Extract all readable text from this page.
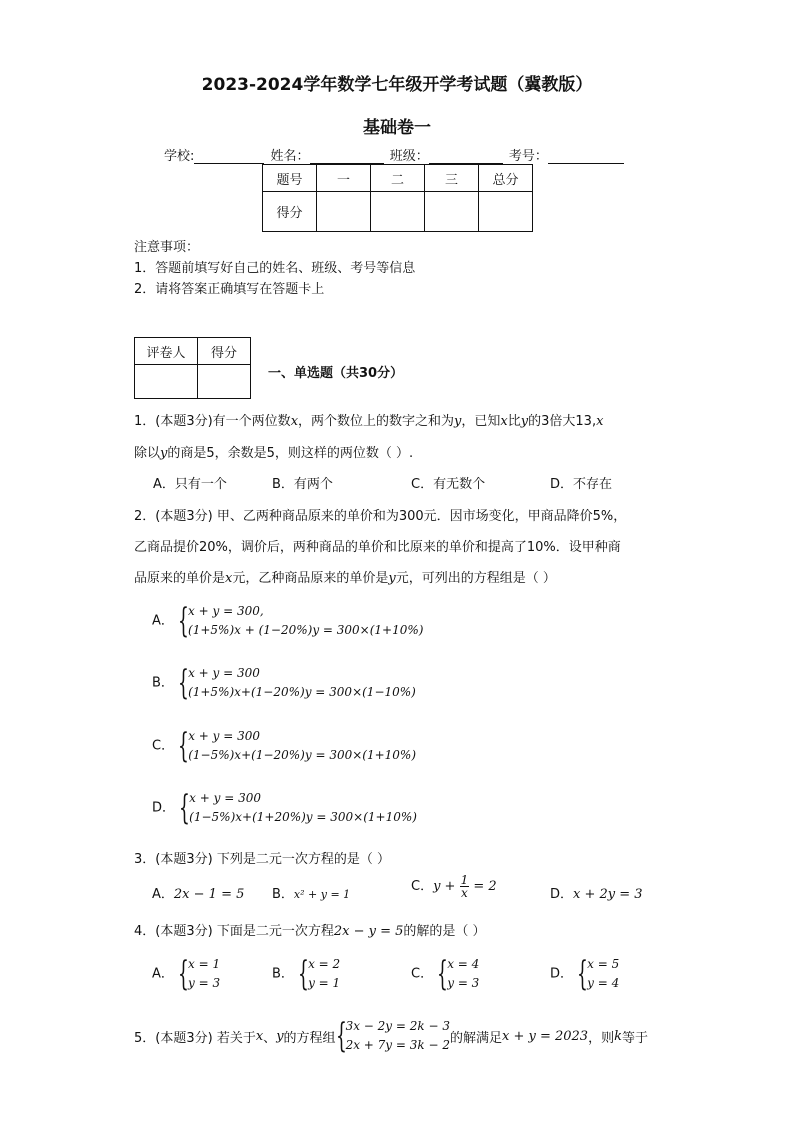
2023-2024学年数学七年级开学考试题（冀教版）
基础卷一
学校:	姓名：	班级：	考号：
题号	一	二	三	总分
得分				
注意事项：
1．答题前填写好自己的姓名、班级、考号等信息
2．请将答案正确填写在答题卡上
评卷人	得分

一、单选题（共30分）
1．(本题3分)有一个两位数x，两个数位上的数字之和为y，已知x比y的3倍大13,x
除以y的商是5，余数是5，则这样的两位数（ ）.
A．只有一个	B．有两个	C．有无数个	D．不存在
2．(本题3分) 甲、乙两种商品原来的单价和为300元．因市场变化，甲商品降价5%，
乙商品提价20%，调价后，两种商品的单价和比原来的单价和提高了10%．设甲种商
品原来的单价是x元，乙种商品原来的单价是y元，可列出的方程组是（ ）
A． { x + y = 300,
(1+5%)x + (1−20%)y = 300×(1+10%)
B． { x + y = 300
(1+5%)x+(1−20%)y = 300×(1−10%)
C． { x + y = 300
(1−5%)x+(1−20%)y = 300×(1+10%)
D． { x + y = 300
(1−5%)x+(1+20%)y = 300×(1+10%)
3．(本题3分) 下列是二元一次方程的是（ ）
A．2x − 1 = 5 B．x² + y = 1
C．$y + \frac{1}{x} = 2$
D．x + 2y = 3
4．(本题3分) 下面是二元一次方程2x − y = 5的解的是（ ）
A． { x = 1
y = 3
B． { x = 2
y = 1
C． { x = 4
y = 3
D． { x = 5
y = 4
5．(本题3分) 若关于 x 、 y 的方程组 { 3x − 2y = 2k − 3
2x + 7y = 3k − 2 的解满足 x + y = 2023 ，则 k 等于
